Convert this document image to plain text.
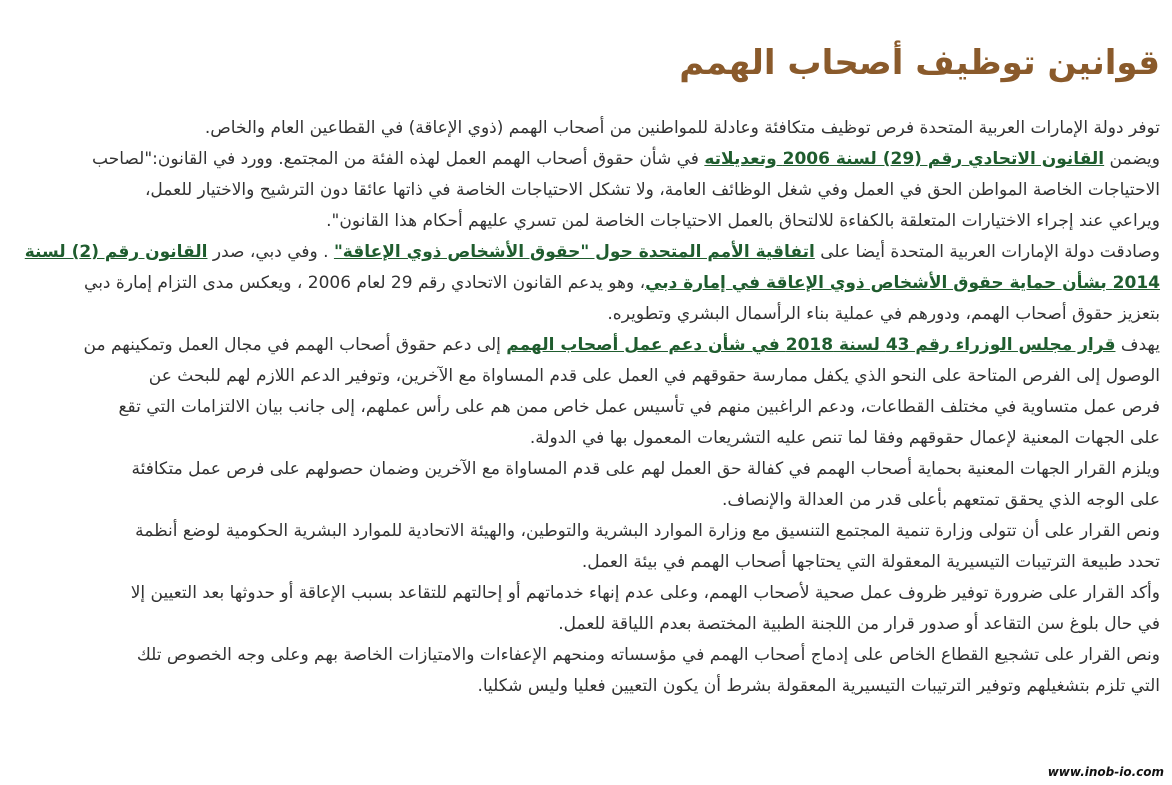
قوانين توظيف أصحاب الهمم

توفر دولة الإمارات العربية المتحدة فرص توظيف متكافئة وعادلة للمواطنين من أصحاب الهمم (ذوي الإعاقة) في القطاعين العام والخاص.

ويضمن القانون الاتحادي رقم (29) لسنة 2006 وتعديلاته في شأن حقوق أصحاب الهمم العمل لهذه الفئة من المجتمع. وورد في القانون:"لصاحب
الاحتياجات الخاصة المواطن الحق في العمل وفي شغل الوظائف العامة، ولا تشكل الاحتياجات الخاصة في ذاتها عائقا دون الترشيح والاختيار للعمل،
ويراعي عند إجراء الاختيارات المتعلقة بالكفاءة للالتحاق بالعمل الاحتياجات الخاصة لمن تسري عليهم أحكام هذا القانون".

وصادقت دولة الإمارات العربية المتحدة أيضا على اتفاقية الأمم المتحدة حول "حقوق الأشخاص ذوي الإعاقة" . وفي دبي، صدر القانون رقم (2) لسنة
2014 بشأن حماية حقوق الأشخاص ذوي الإعاقة في إمارة دبي، وهو يدعم القانون الاتحادي رقم 29 لعام 2006 ، ويعكس مدى التزام إمارة دبي
بتعزيز حقوق أصحاب الهمم، ودورهم في عملية بناء الرأسمال البشري وتطويره.

يهدف قرار مجلس الوزراء رقم 43 لسنة 2018 في شأن دعم عمل أصحاب الهمم إلى دعم حقوق أصحاب الهمم في مجال العمل وتمكينهم من
الوصول إلى الفرص المتاحة على النحو الذي يكفل ممارسة حقوقهم في العمل على قدم المساواة مع الآخرين، وتوفير الدعم اللازم لهم للبحث عن
فرص عمل متساوية في مختلف القطاعات، ودعم الراغبين منهم في تأسيس عمل خاص ممن هم على رأس عملهم، إلى جانب بيان الالتزامات التي تقع
على الجهات المعنية لإعمال حقوقهم وفقا لما تنص عليه التشريعات المعمول بها في الدولة.

ويلزم القرار الجهات المعنية بحماية أصحاب الهمم في كفالة حق العمل لهم على قدم المساواة مع الآخرين وضمان حصولهم على فرص عمل متكافئة
على الوجه الذي يحقق تمتعهم بأعلى قدر من العدالة والإنصاف.

ونص القرار على أن تتولى وزارة تنمية المجتمع التنسيق مع وزارة الموارد البشرية والتوطين، والهيئة الاتحادية للموارد البشرية الحكومية لوضع أنظمة
تحدد طبيعة الترتيبات التيسيرية المعقولة التي يحتاجها أصحاب الهمم في بيئة العمل.

وأكد القرار على ضرورة توفير ظروف عمل صحية لأصحاب الهمم، وعلى عدم إنهاء خدماتهم أو إحالتهم للتقاعد بسبب الإعاقة أو حدوثها بعد التعيين إلا
في حال بلوغ سن التقاعد أو صدور قرار من اللجنة الطبية المختصة بعدم اللياقة للعمل.

ونص القرار على تشجيع القطاع الخاص على إدماج أصحاب الهمم في مؤسساته ومنحهم الإعفاءات والامتيازات الخاصة بهم وعلى وجه الخصوص تلك
التي تلزم بتشغيلهم وتوفير الترتيبات التيسيرية المعقولة بشرط أن يكون التعيين فعليا وليس شكليا.

www.inob-io.com
